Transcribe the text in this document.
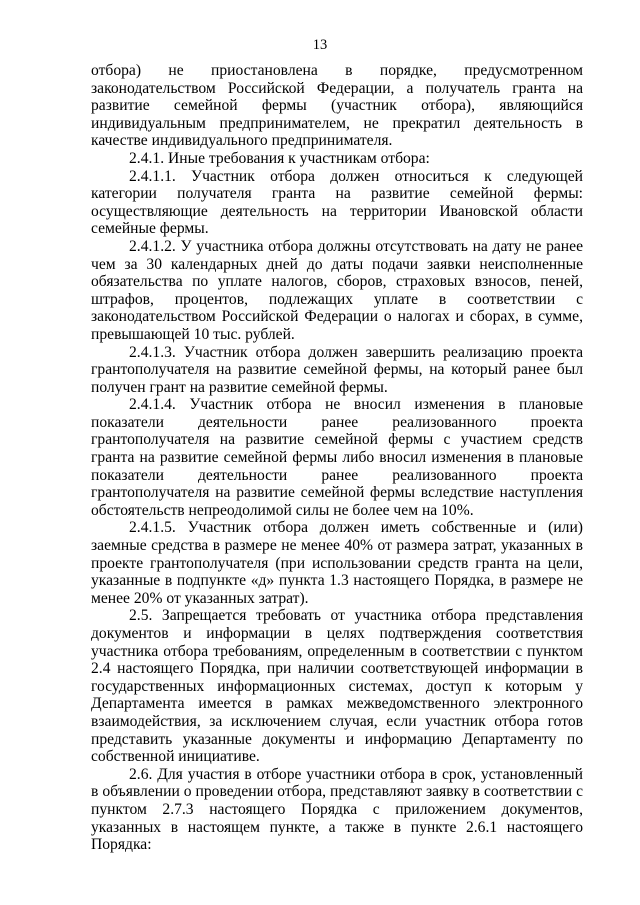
13

отбора) не приостановлена в порядке, предусмотренном законодательством Российской Федерации, а получатель гранта на развитие семейной фермы (участник отбора), являющийся индивидуальным предпринимателем, не прекратил деятельность в качестве индивидуального предпринимателя.

2.4.1. Иные требования к участникам отбора:

2.4.1.1. Участник отбора должен относиться к следующей категории получателя гранта на развитие семейной фермы: осуществляющие деятельность на территории Ивановской области семейные фермы.

2.4.1.2. У участника отбора должны отсутствовать на дату не ранее чем за 30 календарных дней до даты подачи заявки неисполненные обязательства по уплате налогов, сборов, страховых взносов, пеней, штрафов, процентов, подлежащих уплате в соответствии с законодательством Российской Федерации о налогах и сборах, в сумме, превышающей 10 тыс. рублей.

2.4.1.3. Участник отбора должен завершить реализацию проекта грантополучателя на развитие семейной фермы, на который ранее был получен грант на развитие семейной фермы.

2.4.1.4. Участник отбора не вносил изменения в плановые показатели деятельности ранее реализованного проекта грантополучателя на развитие семейной фермы с участием средств гранта на развитие семейной фермы либо вносил изменения в плановые показатели деятельности ранее реализованного проекта грантополучателя на развитие семейной фермы вследствие наступления обстоятельств непреодолимой силы не более чем на 10%.

2.4.1.5. Участник отбора должен иметь собственные и (или) заемные средства в размере не менее 40% от размера затрат, указанных в проекте грантополучателя (при использовании средств гранта на цели, указанные в подпункте «д» пункта 1.3 настоящего Порядка, в размере не менее 20% от указанных затрат).

2.5. Запрещается требовать от участника отбора представления документов и информации в целях подтверждения соответствия участника отбора требованиям, определенным в соответствии с пунктом 2.4 настоящего Порядка, при наличии соответствующей информации в государственных информационных системах, доступ к которым у Департамента имеется в рамках межведомственного электронного взаимодействия, за исключением случая, если участник отбора готов представить указанные документы и информацию Департаменту по собственной инициативе.

2.6. Для участия в отборе участники отбора в срок, установленный в объявлении о проведении отбора, представляют заявку в соответствии с пунктом 2.7.3 настоящего Порядка с приложением документов, указанных в настоящем пункте, а также в пункте 2.6.1 настоящего Порядка:
